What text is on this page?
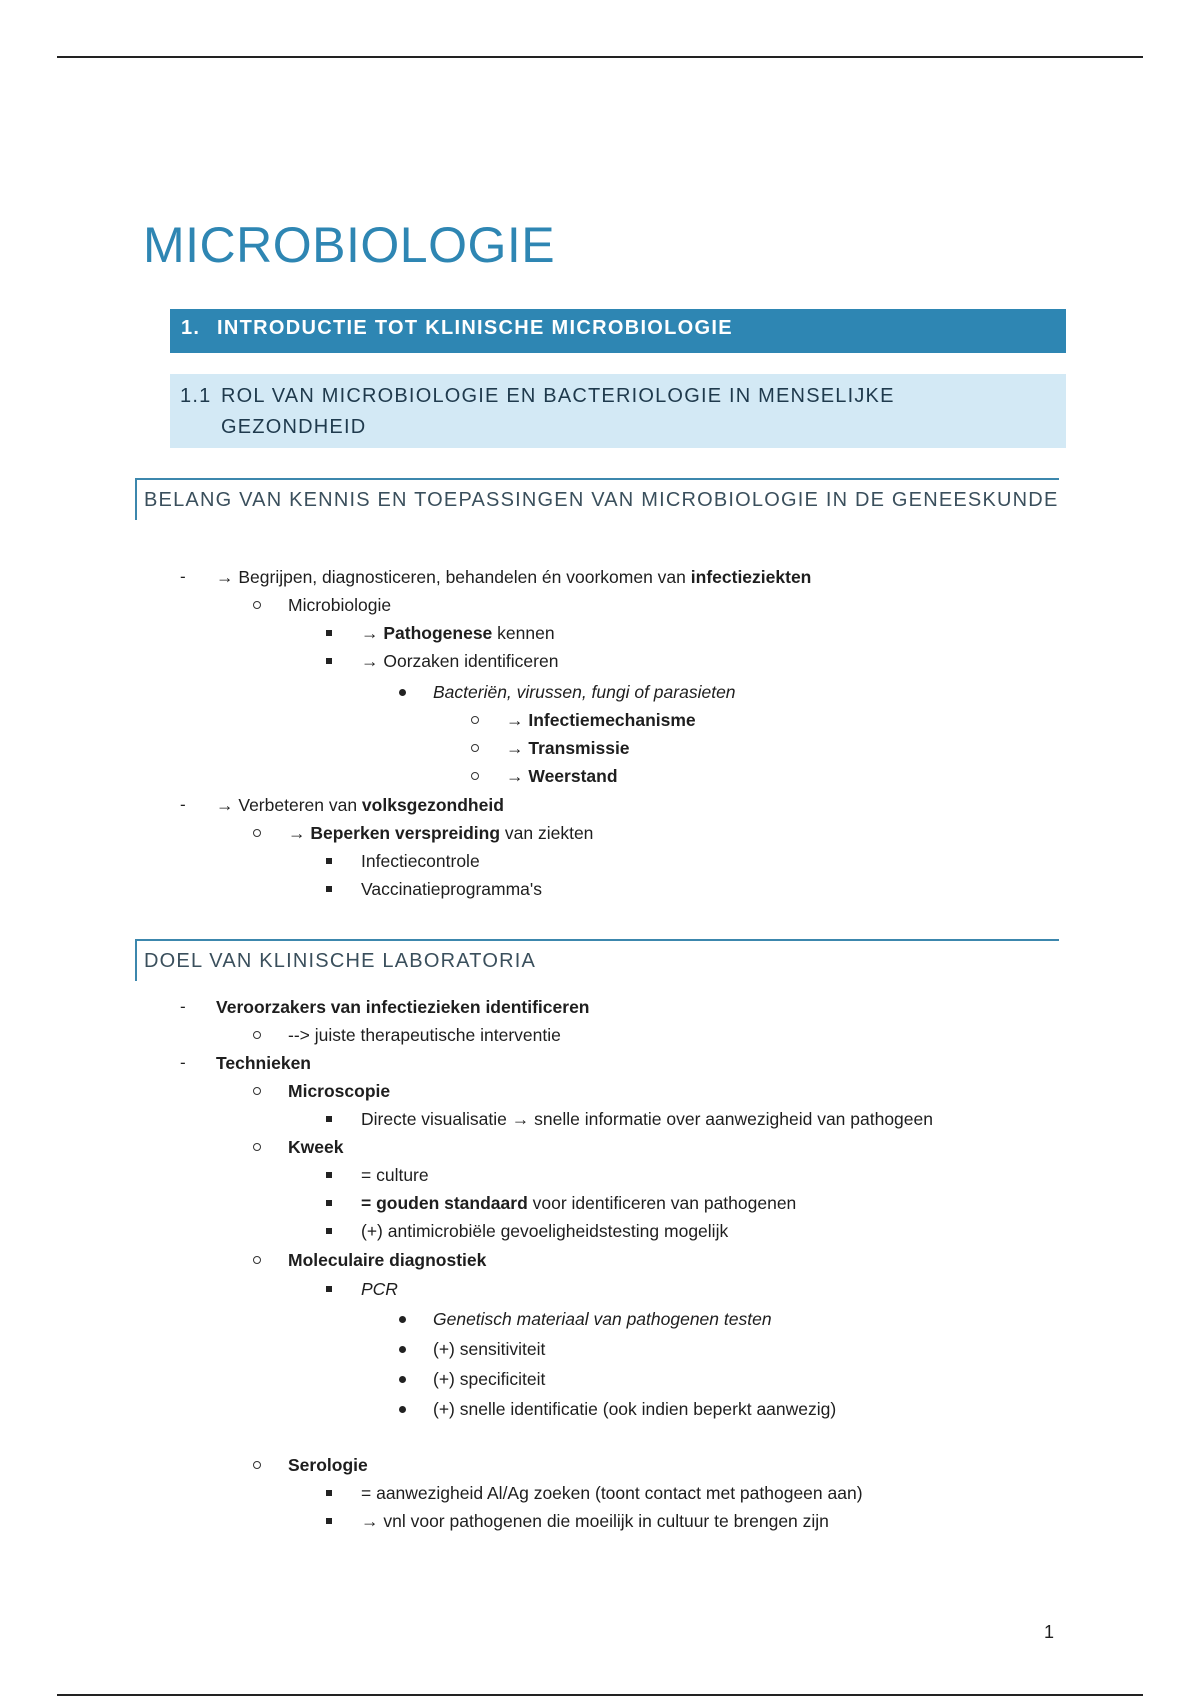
MICROBIOLOGIE
1. INTRODUCTIE TOT KLINISCHE MICROBIOLOGIE
1.1 ROL VAN MICROBIOLOGIE EN BACTERIOLOGIE IN MENSELIJKE GEZONDHEID
BELANG VAN KENNIS EN TOEPASSINGEN VAN MICROBIOLOGIE IN DE GENEESKUNDE
- → Begrijpen, diagnosticeren, behandelen én voorkomen van infectieziekten
Microbiologie
→ Pathogenese kennen
→ Oorzaken identificeren
Bacteriën, virussen, fungi of parasieten
→ Infectiemechanisme
→ Transmissie
→ Weerstand
- → Verbeteren van volksgezondheid
→ Beperken verspreiding van ziekten
Infectiecontrole
Vaccinatieprogramma's
DOEL VAN KLINISCHE LABORATORIA
- Veroorzakers van infectiezieken identificeren
--> juiste therapeutische interventie
- Technieken
Microscopie
Directe visualisatie → snelle informatie over aanwezigheid van pathogeen
Kweek
= culture
= gouden standaard voor identificeren van pathogenen
(+) antimicrobiële gevoeligheidstesting mogelijk
Moleculaire diagnostiek
PCR
Genetisch materiaal van pathogenen testen
(+) sensitiviteit
(+) specificiteit
(+) snelle identificatie (ook indien beperkt aanwezig)
Serologie
= aanwezigheid Al/Ag zoeken (toont contact met pathogeen aan)
→ vnl voor pathogenen die moeilijk in cultuur te brengen zijn
1
